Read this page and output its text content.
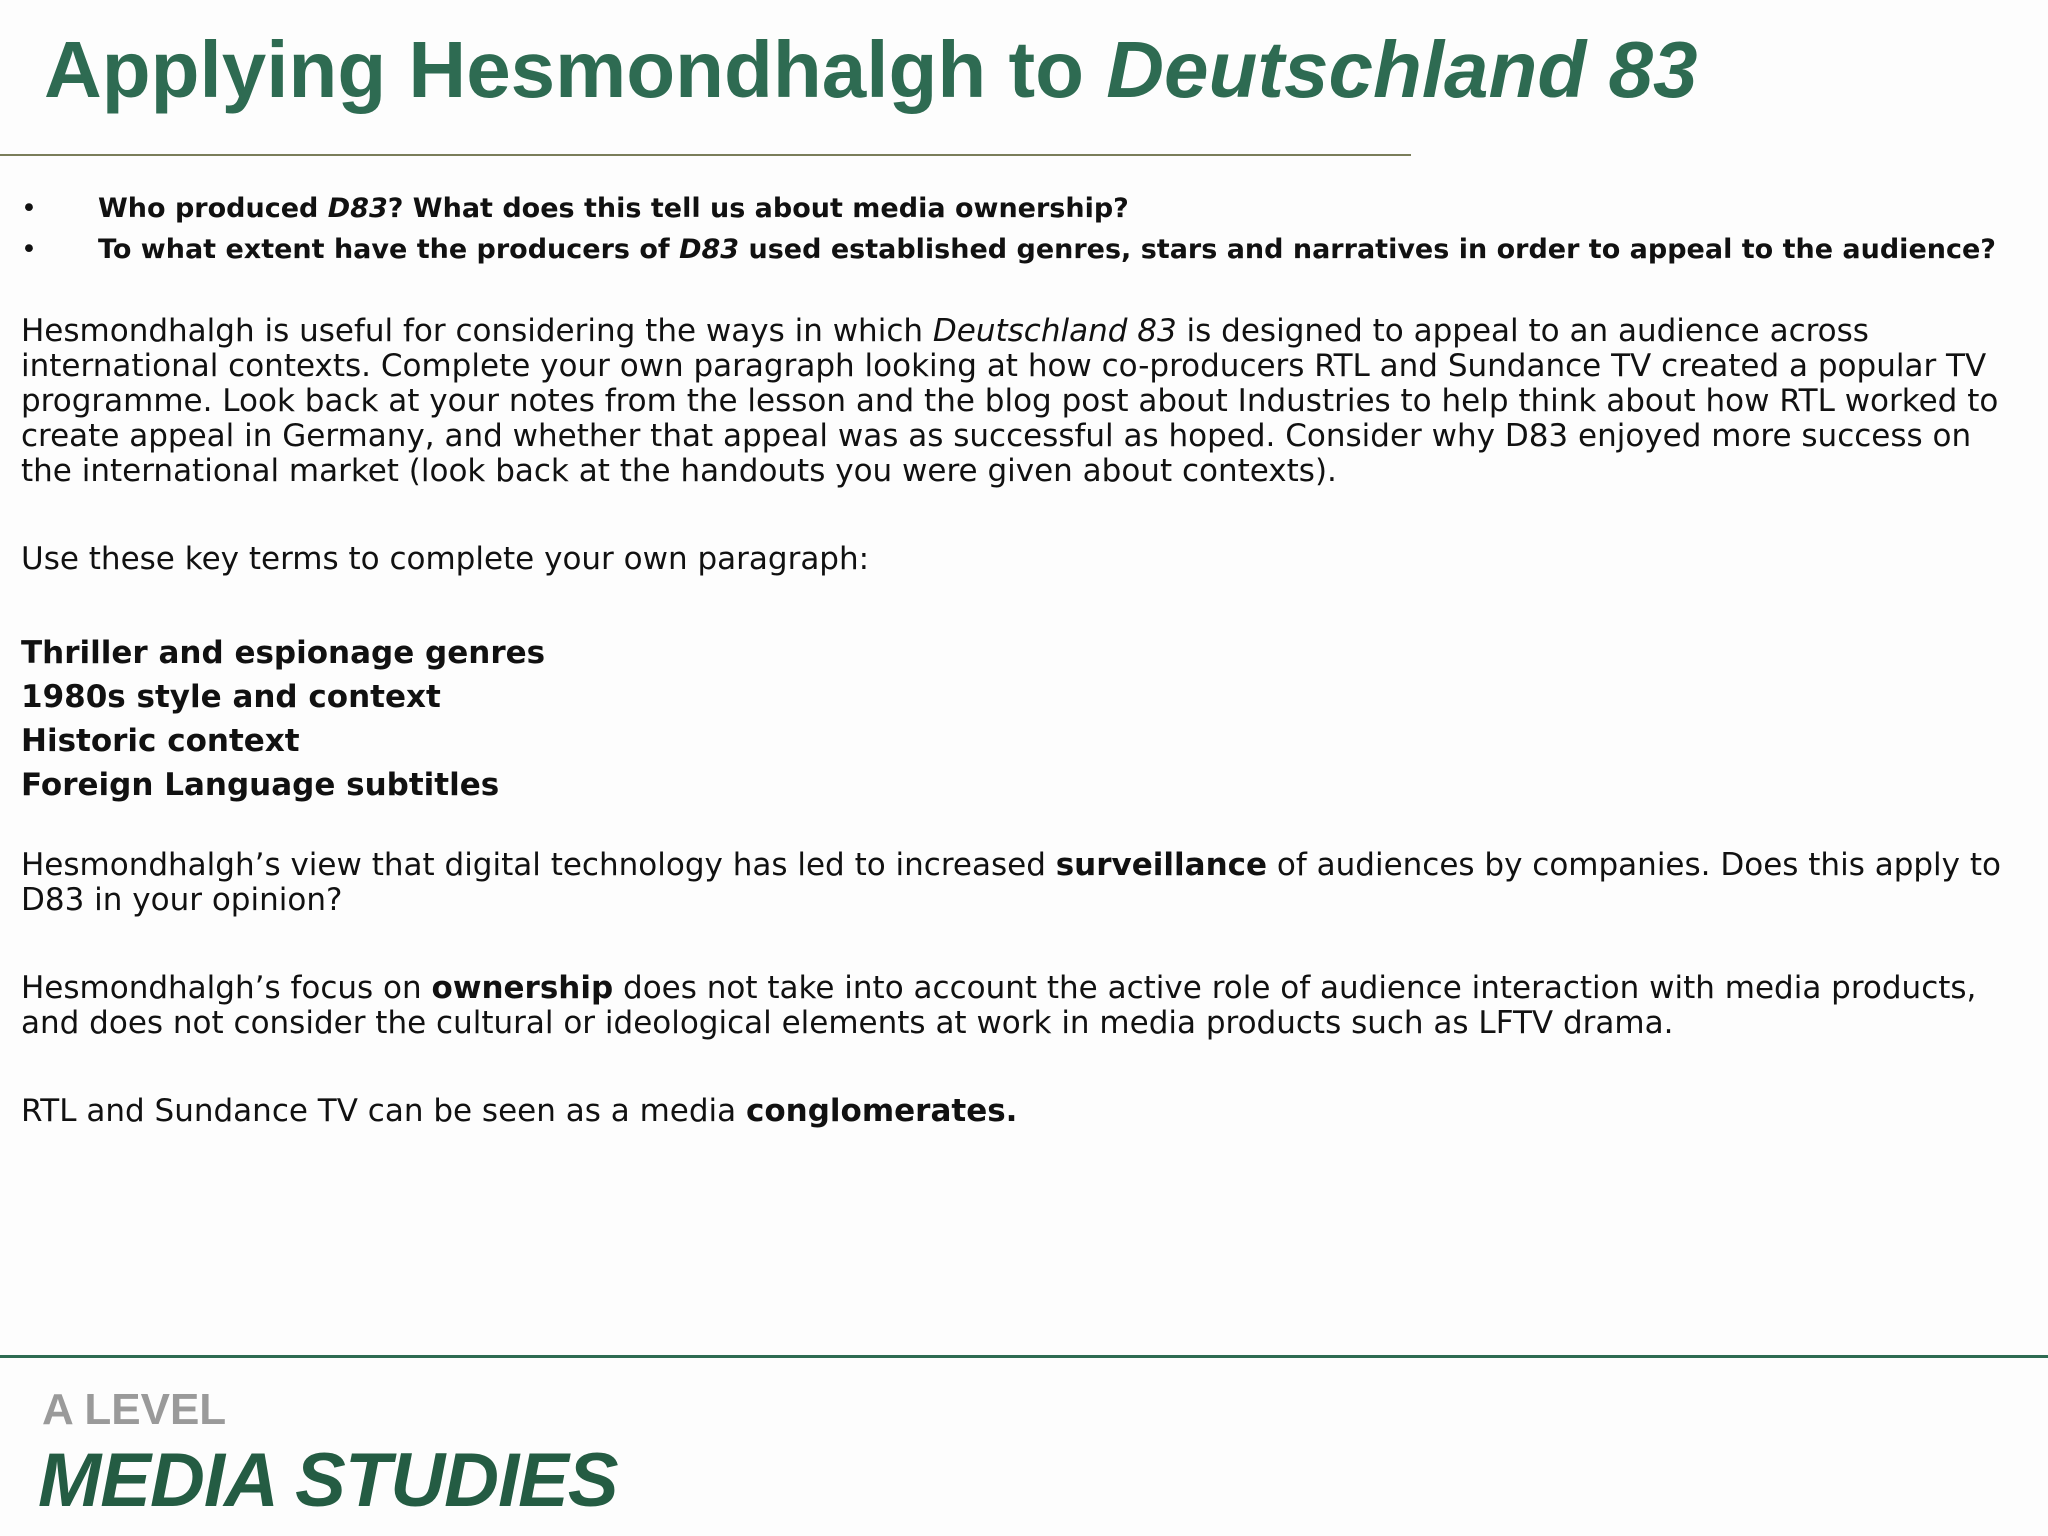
Applying Hesmondhalgh to Deutschland 83
• Who produced D83? What does this tell us about media ownership?
• To what extent have the producers of D83 used established genres, stars and narratives in order to appeal to the audience?

Hesmondhalgh is useful for considering the ways in which Deutschland 83 is designed to appeal to an audience across international contexts. Complete your own paragraph looking at how co-producers RTL and Sundance TV created a popular TV programme. Look back at your notes from the lesson and the blog post about Industries to help think about how RTL worked to create appeal in Germany, and whether that appeal was as successful as hoped. Consider why D83 enjoyed more success on the international market (look back at the handouts you were given about contexts).

Use these key terms to complete your own paragraph:

Thriller and espionage genres
1980s style and context
Historic context
Foreign Language subtitles

Hesmondhalgh’s view that digital technology has led to increased surveillance of audiences by companies. Does this apply to D83 in your opinion?

Hesmondhalgh’s focus on ownership does not take into account the active role of audience interaction with media products, and does not consider the cultural or ideological elements at work in media products such as LFTV drama.

RTL and Sundance TV can be seen as a media conglomerates.

A LEVEL
MEDIA STUDIES
